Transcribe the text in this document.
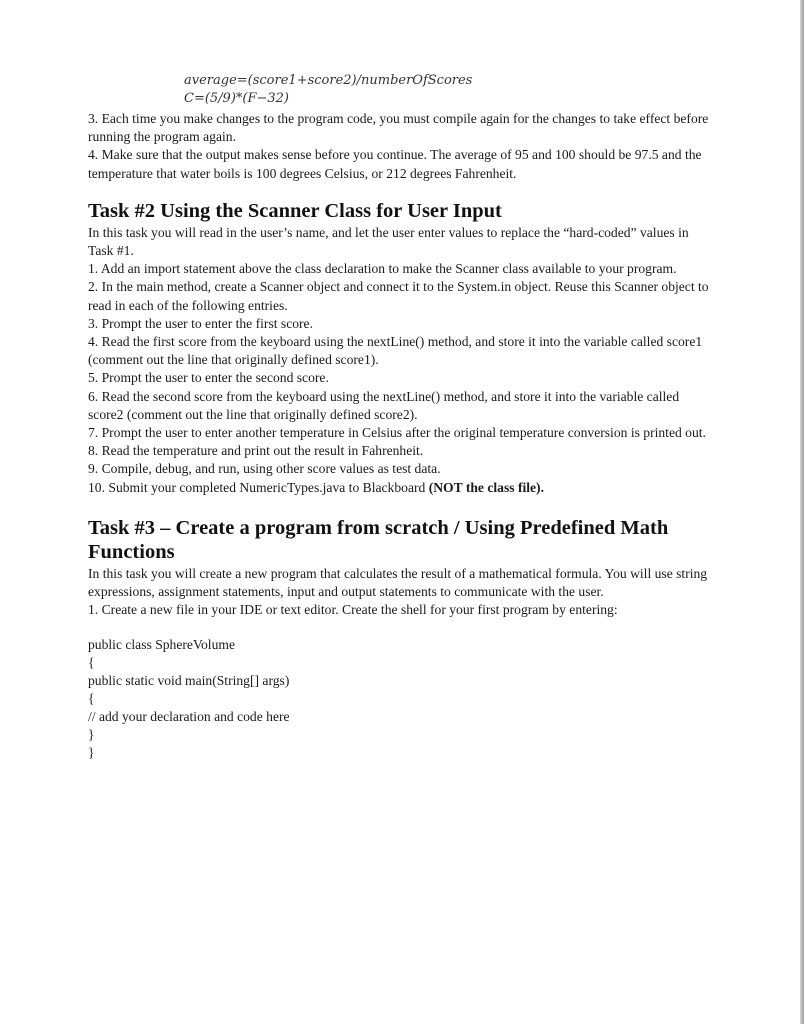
average=(score1+score2)/numberOfScores
C=(5/9)*(F−32)

3. Each time you make changes to the program code, you must compile again for the changes to take effect before running the program again.

4. Make sure that the output makes sense before you continue. The average of 95 and 100 should be 97.5 and the temperature that water boils is 100 degrees Celsius, or 212 degrees Fahrenheit.

Task #2 Using the Scanner Class for User Input

In this task you will read in the user’s name, and let the user enter values to replace the “hard-coded” values in Task #1.

1. Add an import statement above the class declaration to make the Scanner class available to your program.

2. In the main method, create a Scanner object and connect it to the System.in object. Reuse this Scanner object to read in each of the following entries.

3. Prompt the user to enter the first score.

4. Read the first score from the keyboard using the nextLine() method, and store it into the variable called score1 (comment out the line that originally defined score1).

5. Prompt the user to enter the second score.

6. Read the second score from the keyboard using the nextLine() method, and store it into the variable called score2 (comment out the line that originally defined score2).

7. Prompt the user to enter another temperature in Celsius after the original temperature conversion is printed out.

8. Read the temperature and print out the result in Fahrenheit.

9. Compile, debug, and run, using other score values as test data.

10. Submit your completed NumericTypes.java to Blackboard (NOT the class file).

Task #3 – Create a program from scratch / Using Predefined Math Functions

In this task you will create a new program that calculates the result of a mathematical formula. You will use string expressions, assignment statements, input and output statements to communicate with the user.

1. Create a new file in your IDE or text editor. Create the shell for your first program by entering:

public class SphereVolume

{

public static void main(String[] args)

{

// add your declaration and code here

}

}
